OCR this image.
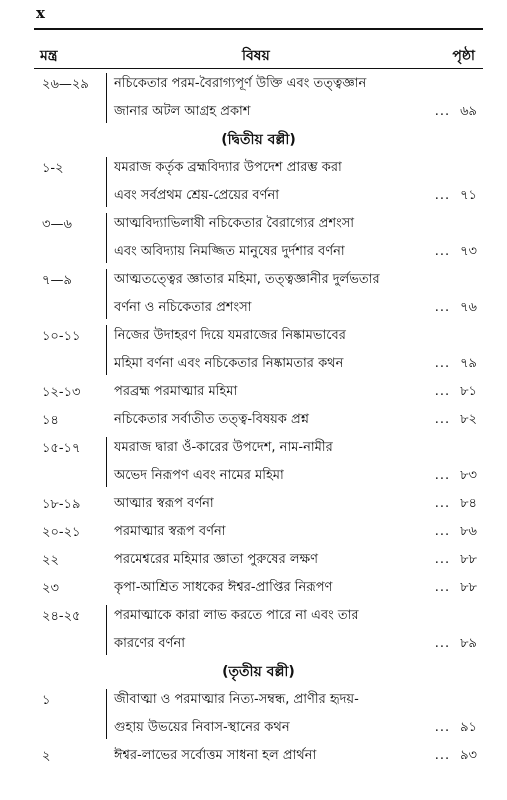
x
মন্ত্র	বিষয়	পৃষ্ঠা
২৬—২৯	নচিকেতার পরম-বৈরাগ্যপূর্ণ উক্তি এবং তত্ত্বজ্ঞান
জানার অটল আগ্রহ প্রকাশ	... ৬৯
(দ্বিতীয় বল্লী)
১-২	যমরাজ কর্তৃক ব্রহ্মবিদ্যার উপদেশ প্রারম্ভ করা
এবং সর্বপ্রথম শ্রেয়-প্রেয়ের বর্ণনা	... ৭১
৩—৬	আত্মবিদ্যাভিলাষী নচিকেতার বৈরাগ্যের প্রশংসা
এবং অবিদ্যায় নিমজ্জিত মানুষের দুর্দশার বর্ণনা	... ৭৩
৭—৯	আত্মতত্ত্বের জ্ঞাতার মহিমা, তত্ত্বজ্ঞানীর দুর্লভতার
বর্ণনা ও নচিকেতার প্রশংসা	... ৭৬
১০-১১	নিজের উদাহরণ দিয়ে যমরাজের নিষ্কামভাবের
মহিমা বর্ণনা এবং নচিকেতার নিষ্কামতার কথন	... ৭৯
১২-১৩	পরব্রহ্ম পরমাত্মার মহিমা	... ৮১
১৪	নচিকেতার সর্বাতীত তত্ত্ব-বিষয়ক প্রশ্ন	... ৮২
১৫-১৭	যমরাজ দ্বারা ওঁ-কারের উপদেশ, নাম-নামীর
অভেদ নিরূপণ এবং নামের মহিমা	... ৮৩
১৮-১৯	আত্মার স্বরূপ বর্ণনা	... ৮৪
২০-২১	পরমাত্মার স্বরূপ বর্ণনা	... ৮৬
২২	পরমেশ্বরের মহিমার জ্ঞাতা পুরুষের লক্ষণ	... ৮৮
২৩	কৃপা-আশ্রিত সাধকের ঈশ্বর-প্রাপ্তির নিরূপণ	... ৮৮
২৪-২৫	পরমাত্মাকে কারা লাভ করতে পারে না এবং তার
কারণের বর্ণনা	... ৮৯
(তৃতীয় বল্লী)
১	জীবাত্মা ও পরমাত্মার নিত্য-সম্বন্ধ, প্রাণীর হৃদয়-
গুহায় উভয়ের নিবাস-স্থানের কথন	... ৯১
২	ঈশ্বর-লাভের সর্বোত্তম সাধনা হল প্রার্থনা	... ৯৩
